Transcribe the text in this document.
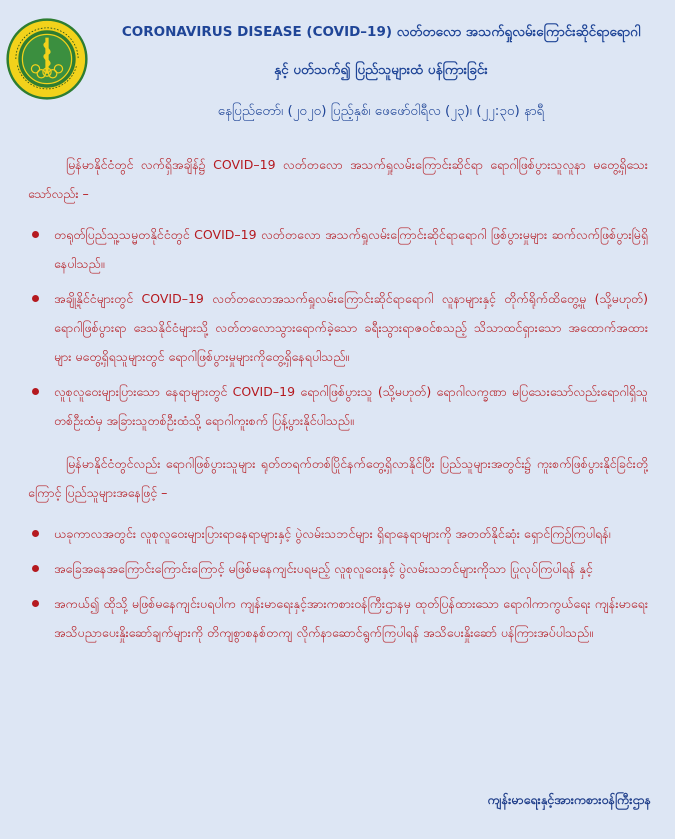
CORONAVIRUS DISEASE (COVID–19) လတ်တလော အသက်ရှုလမ်းကြောင်းဆိုင်ရာရောဂါ
နှင့် ပတ်သက်၍ ပြည်သူများထံ ပန်ကြားခြင်း
နေပြည်တော်၊ (၂၀၂၀) ပြည့်နှစ်၊ ဖေဖော်ဝါရီလ (၂၃)၊ (၂၂:၃၀) နာရီ

မြန်မာနိုင်ငံတွင် လက်ရှိအချိန်၌ COVID–19 လတ်တလော အသက်ရှုလမ်းကြောင်းဆိုင်ရာ ရောဂါဖြစ်ပွားသူလူနာ မတွေ့ရှိသေးသော်လည်း –

တရုတ်ပြည်သူ့သမ္မတနိုင်ငံတွင် COVID–19 လတ်တလော အသက်ရှုလမ်းကြောင်းဆိုင်ရာရောဂါ ဖြစ်ပွားမှုများ ဆက်လက်ဖြစ်ပွားမြဲရှိနေပါသည်။
အချို့နိုင်ငံများတွင် COVID–19 လတ်တလောအသက်ရှုလမ်းကြောင်းဆိုင်ရာရောဂါ လူနာများနှင့် တိုက်ရိုက်ထိတွေ့မှု (သို့မဟုတ်) ရောဂါဖြစ်ပွားရာ ဒေသနိုင်ငံများသို့ လတ်တလောသွားရောက်ခဲ့သော ခရီးသွားရာဇဝင်စသည့် သိသာထင်ရှားသော အထောက်အထားများ မတွေ့ရှိရသူများတွင် ရောဂါဖြစ်ပွားမှုများကိုတွေ့ရှိနေရပါသည်။
လူစုလူဝေးများပြားသော နေရာများတွင် COVID–19 ရောဂါဖြစ်ပွားသူ (သို့မဟုတ်) ရောဂါလက္ခဏာ မပြသေးသော်လည်းရောဂါရှိသူတစ်ဦးထံမှ အခြားသူတစ်ဦးထံသို့ ရောဂါကူးစက် ပြန့်ပွားနိုင်ပါသည်။

မြန်မာနိုင်ငံတွင်လည်း ရောဂါဖြစ်ပွားသူများ ရုတ်တရက်တစ်ပြိုင်နက်တွေ့ရှိလာနိုင်ပြီး ပြည်သူများအတွင်း၌ ကူးစက်ဖြစ်ပွားနိုင်ခြင်းတို့ကြောင့် ပြည်သူများအနေဖြင့် –

ယခုကာလအတွင်း လူစုလူဝေးများပြားရာနေရာများနှင့် ပွဲလမ်းသဘင်များ ရှိရာနေရာများကို အတတ်နိုင်ဆုံး ရှောင်ကြဉ်ကြပါရန်၊
အခြေအနေအကြောင်းကြောင်းကြောင့် မဖြစ်မနေကျင်းပရမည့် လူစုလူဝေးနှင့် ပွဲလမ်းသဘင်များကိုသာ ပြုလုပ်ကြပါရန် နှင့်
အကယ်၍ ထိုသို့ မဖြစ်မနေကျင်းပရပါက ကျန်းမာရေးနှင့်အားကစားဝန်ကြီးဌာနမှ ထုတ်ပြန်ထားသော ရောဂါကာကွယ်ရေး ကျန်းမာရေးအသိပညာပေးနှိုးဆော်ချက်များကို တိကျစွာစနစ်တကျ လိုက်နာဆောင်ရွက်ကြပါရန် အသိပေးနှိုးဆော် ပန်ကြားအပ်ပါသည်။
ကျန်းမာရေးနှင့်အားကစားဝန်ကြီးဌာန
